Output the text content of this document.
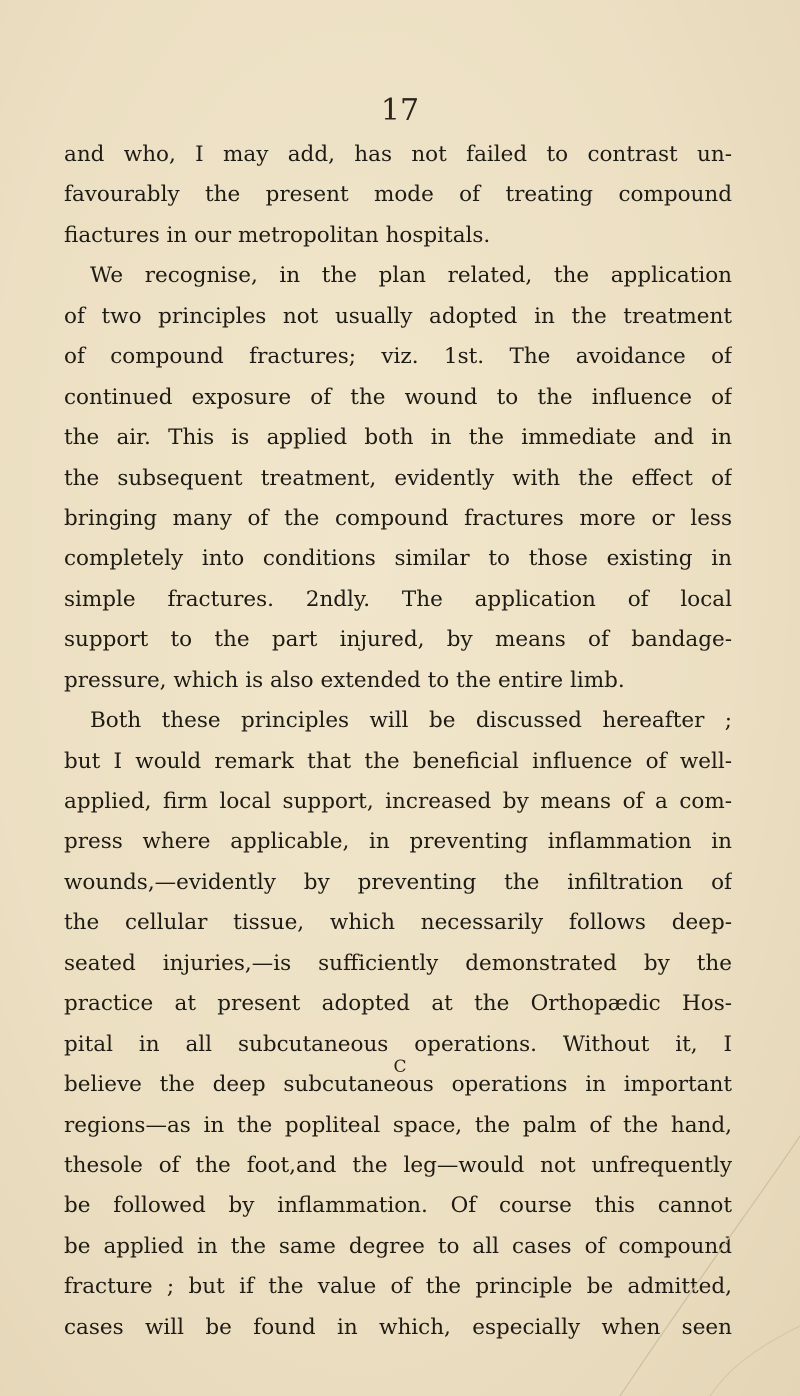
17
and who, I may add, has not failed to contrast un-
favourably the present mode of treating compound
fiactures in our metropolitan hospitals.
We recognise, in the plan related, the application
of two principles not usually adopted in the treatment
of compound fractures; viz. 1st. The avoidance of
continued exposure of the wound to the influence of
the air. This is applied both in the immediate and in
the subsequent treatment, evidently with the effect of
bringing many of the compound fractures more or less
completely into conditions similar to those existing in
simple fractures. 2ndly. The application of local
support to the part injured, by means of bandage-
pressure, which is also extended to the entire limb.
Both these principles will be discussed hereafter ;
but I would remark that the beneficial influence of well-
applied, firm local support, increased by means of a com-
press where applicable, in preventing inflammation in
wounds,—evidently by preventing the infiltration of
the cellular tissue, which necessarily follows deep-
seated injuries,—is sufficiently demonstrated by the
practice at present adopted at the Orthopædic Hos-
pital in all subcutaneous operations. Without it, I
believe the deep subcutaneous operations in important
regions—as in the popliteal space, the palm of the hand,
thesole of the foot,and the leg—would not unfrequently
be followed by inflammation. Of course this cannot
be applied in the same degree to all cases of compound
fracture ; but if the value of the principle be admitted,
cases will be found in which, especially when seen
C
